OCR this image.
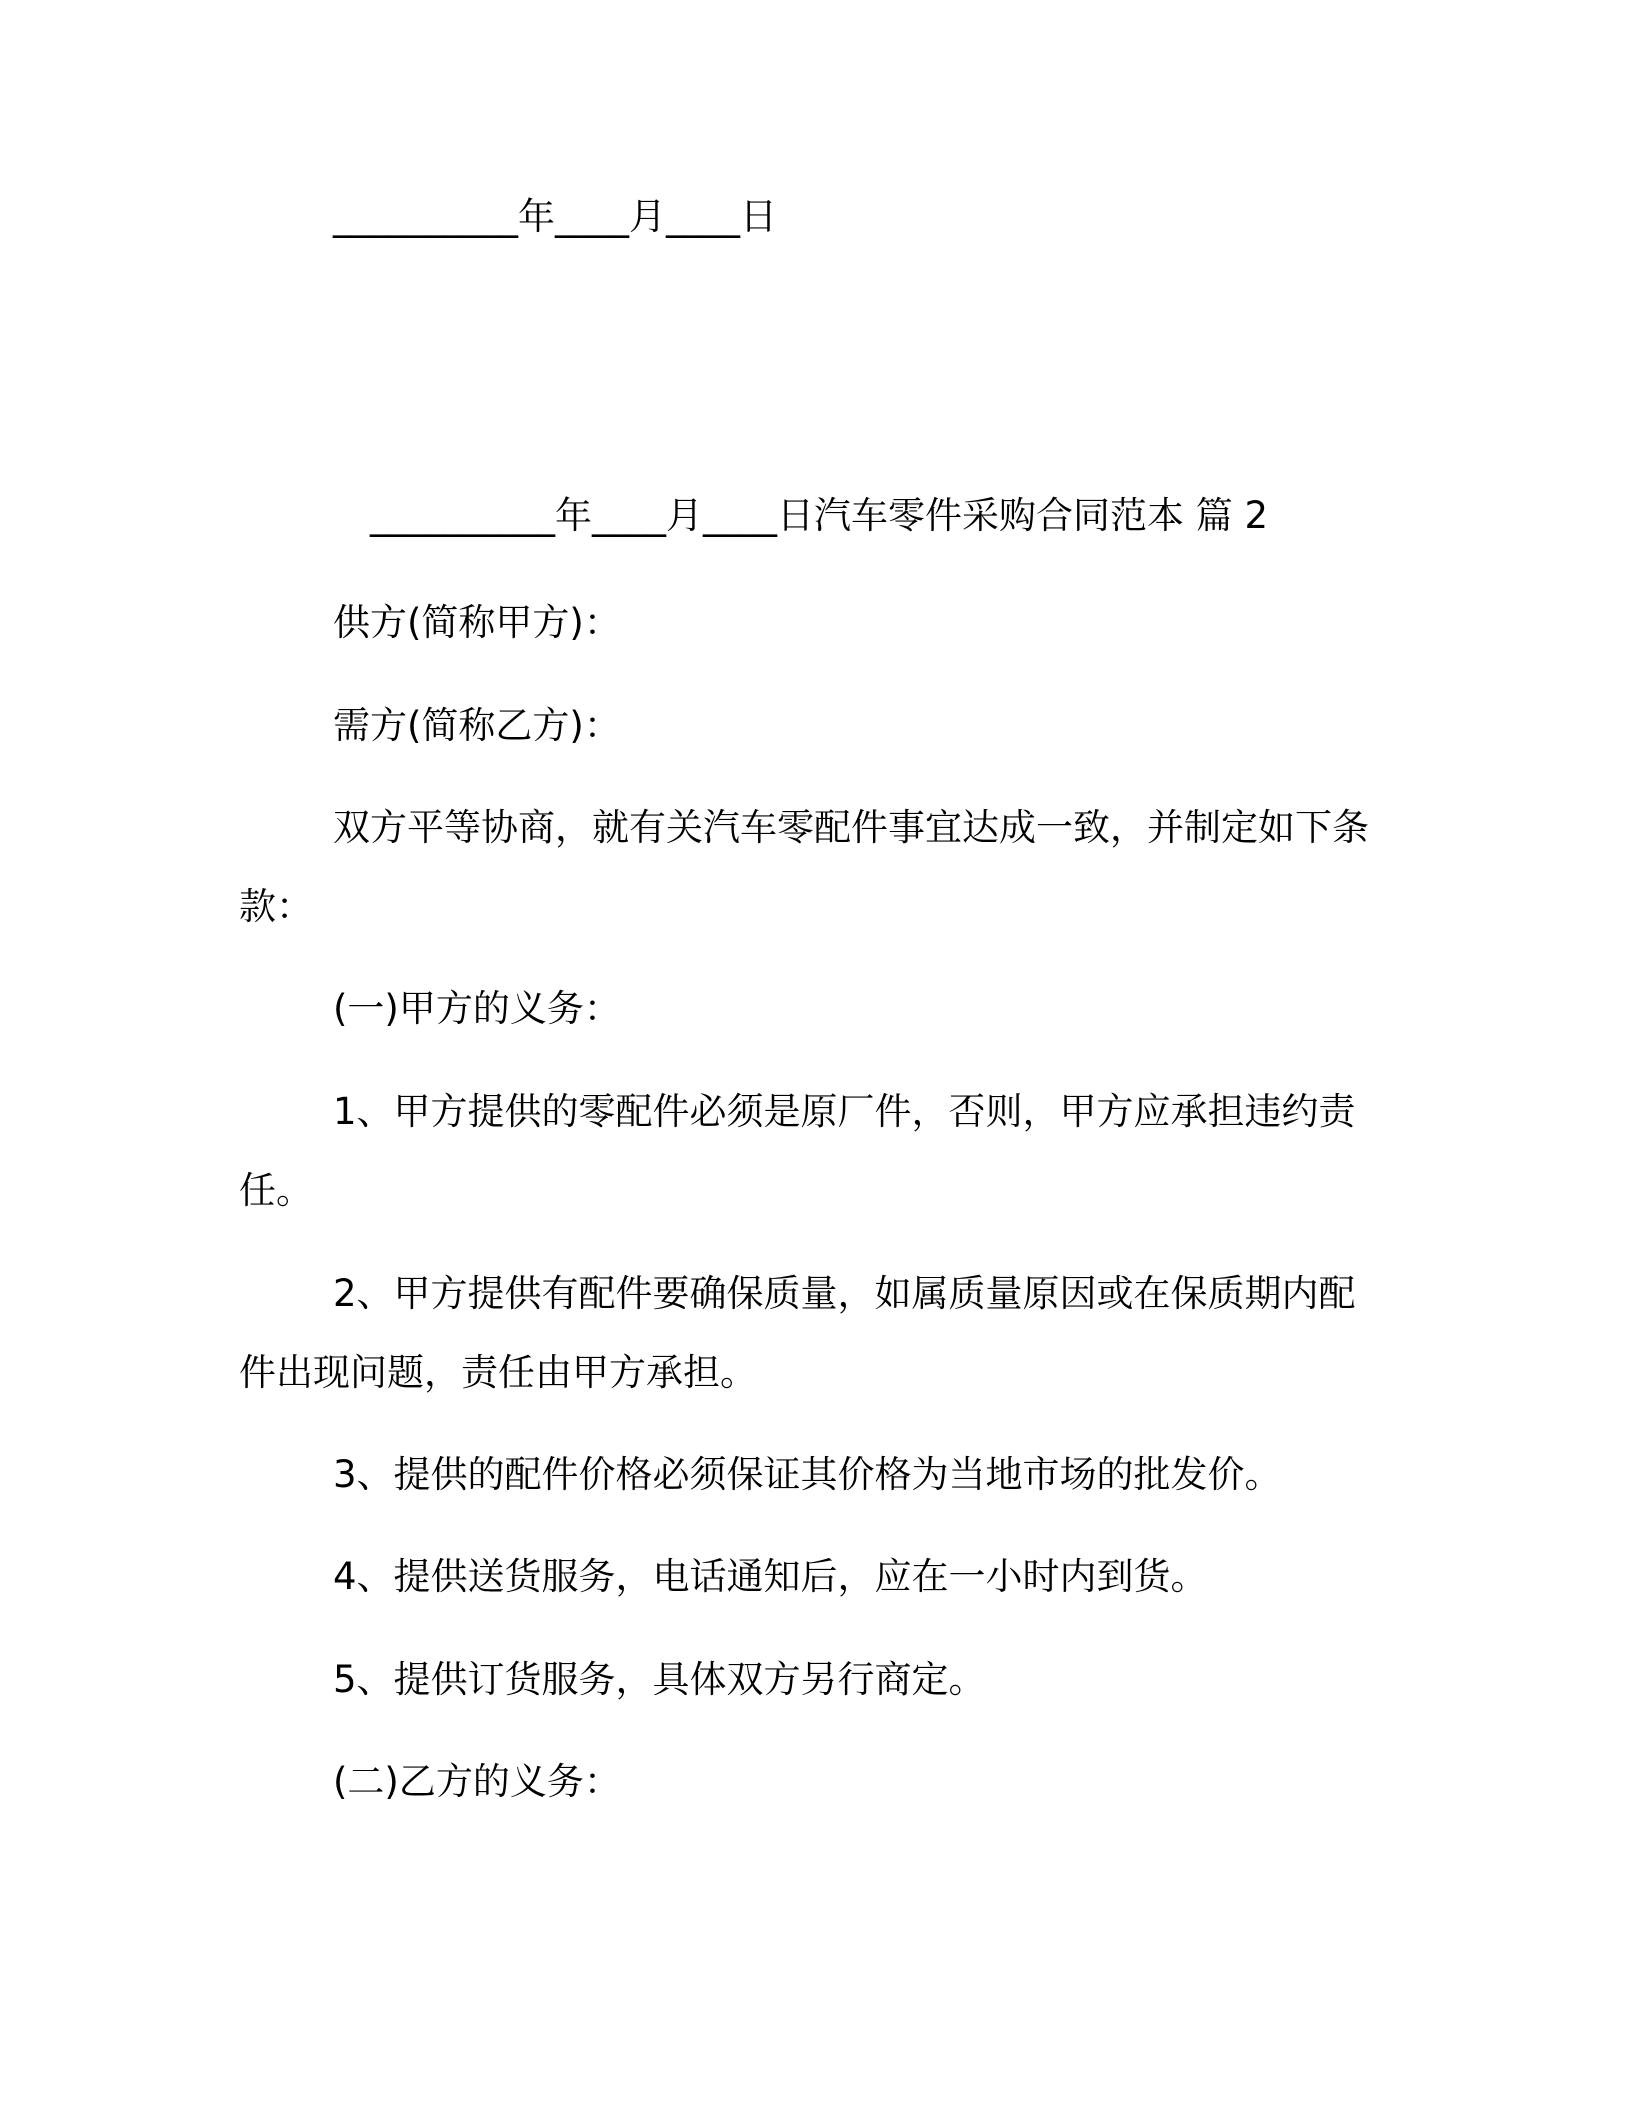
__________年____月____日
__________年____月____日汽车零件采购合同范本 篇 2
供方(简称甲方)：
需方(简称乙方)：
双方平等协商，就有关汽车零配件事宜达成一致，并制定如下条
款：
(一)甲方的义务：
1、甲方提供的零配件必须是原厂件，否则，甲方应承担违约责
任。
2、甲方提供有配件要确保质量，如属质量原因或在保质期内配
件出现问题，责任由甲方承担。
3、提供的配件价格必须保证其价格为当地市场的批发价。
4、提供送货服务，电话通知后，应在一小时内到货。
5、提供订货服务，具体双方另行商定。
(二)乙方的义务：
